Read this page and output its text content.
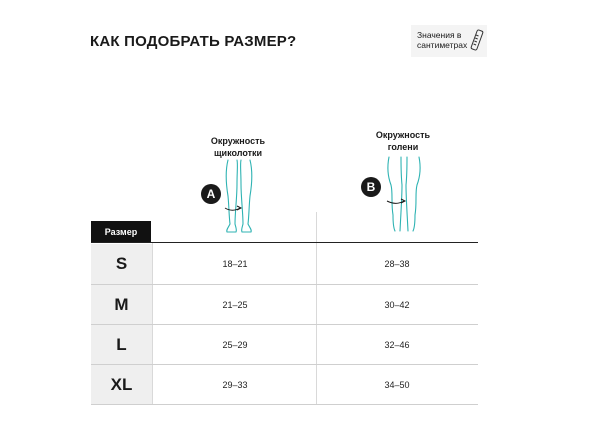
КАК ПОДОБРАТЬ РАЗМЕР?	Значения в
сантиметрах
Окружность
щиколотки
A
Окружность
голени
B
Размер
S	18–21	28–38
M	21–25	30–42
L	25–29	32–46
XL	29–33	34–50
